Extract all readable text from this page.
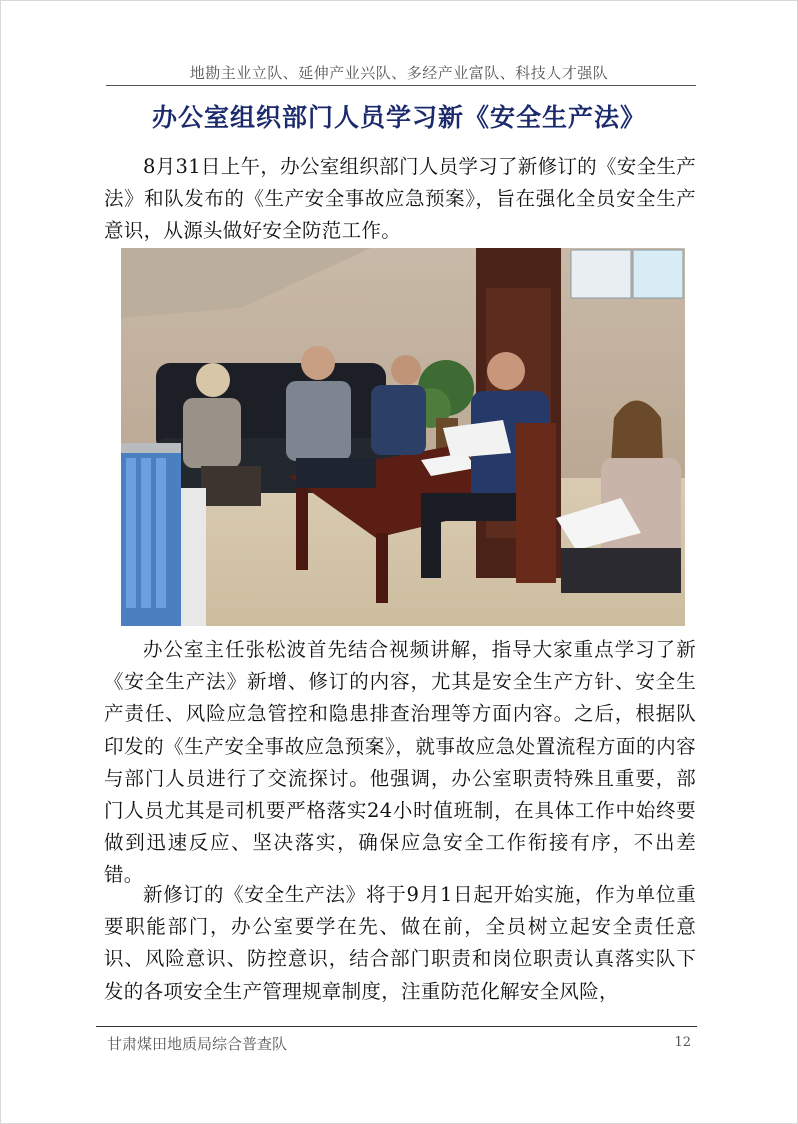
地勘主业立队、延伸产业兴队、多经产业富队、科技人才强队
办公室组织部门人员学习新《安全生产法》

8月31日上午，办公室组织部门人员学习了新修订的《安全生产法》和队发布的《生产安全事故应急预案》，旨在强化全员安全生产意识，从源头做好安全防范工作。

办公室主任张松波首先结合视频讲解，指导大家重点学习了新《安全生产法》新增、修订的内容，尤其是安全生产方针、安全生产责任、风险应急管控和隐患排查治理等方面内容。之后，根据队印发的《生产安全事故应急预案》，就事故应急处置流程方面的内容与部门人员进行了交流探讨。他强调，办公室职责特殊且重要，部门人员尤其是司机要严格落实24小时值班制，在具体工作中始终要做到迅速反应、坚决落实，确保应急安全工作衔接有序，不出差错。

新修订的《安全生产法》将于9月1日起开始实施，作为单位重要职能部门，办公室要学在先、做在前，全员树立起安全责任意识、风险意识、防控意识，结合部门职责和岗位职责认真落实队下发的各项安全生产管理规章制度，注重防范化解安全风险，

甘肃煤田地质局综合普查队	12
